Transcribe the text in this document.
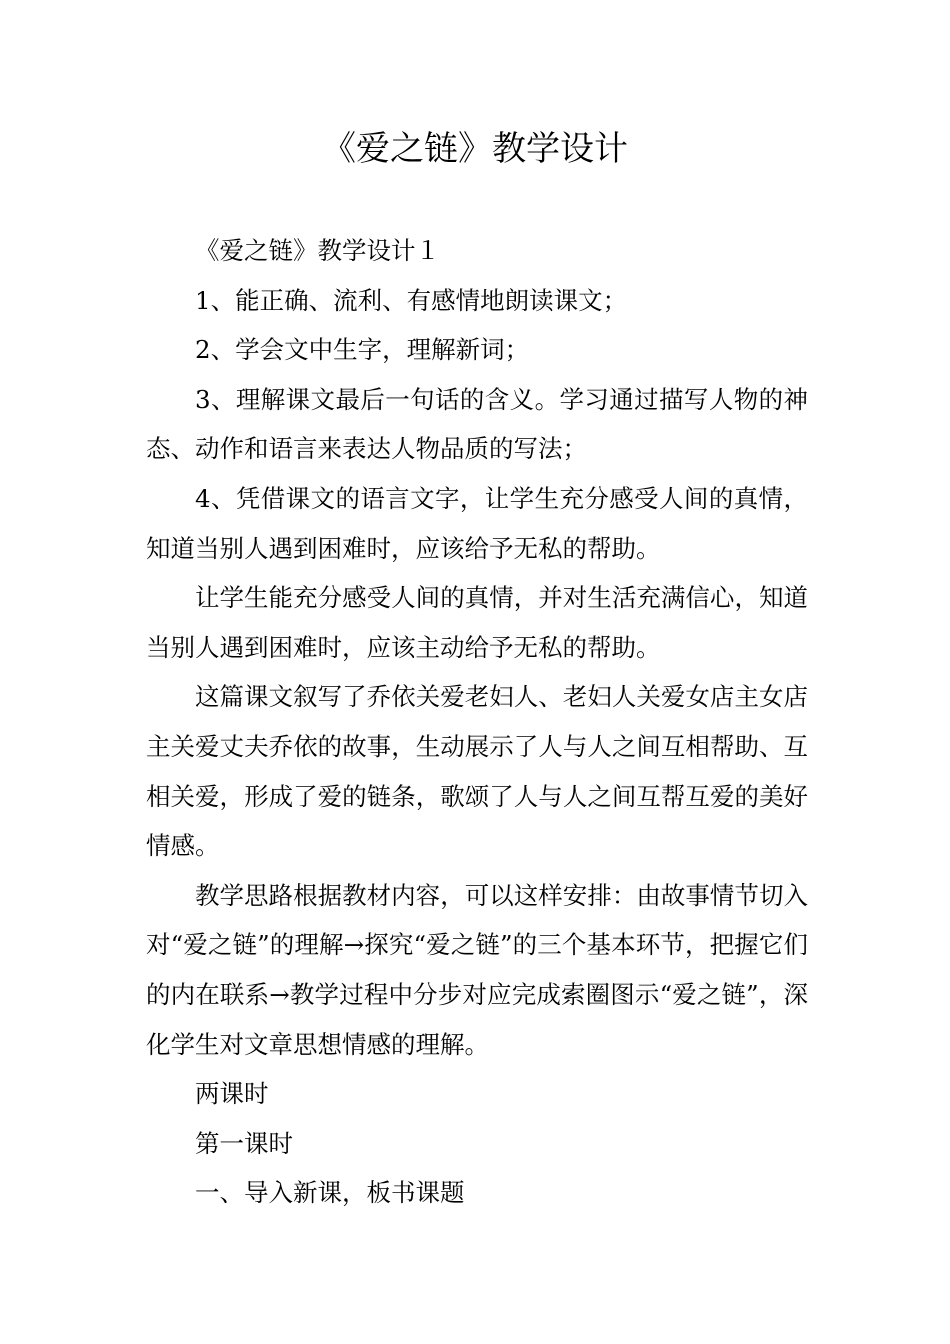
《爱之链》教学设计

《爱之链》教学设计１

1、能正确、流利、有感情地朗读课文；

2、学会文中生字，理解新词；

3、理解课文最后一句话的含义。学习通过描写人物的神态、动作和语言来表达人物品质的写法；

4、凭借课文的语言文字，让学生充分感受人间的真情，知道当别人遇到困难时，应该给予无私的帮助。

让学生能充分感受人间的真情，并对生活充满信心，知道当别人遇到困难时，应该主动给予无私的帮助。

这篇课文叙写了乔依关爱老妇人、老妇人关爱女店主女店主关爱丈夫乔依的故事，生动展示了人与人之间互相帮助、互相关爱，形成了爱的链条，歌颂了人与人之间互帮互爱的美好情感。

教学思路根据教材内容，可以这样安排：由故事情节切入对“爱之链”的理解→探究“爱之链”的三个基本环节，把握它们的内在联系→教学过程中分步对应完成索圈图示“爱之链”，深化学生对文章思想情感的理解。

两课时

第一课时

一、导入新课，板书课题
